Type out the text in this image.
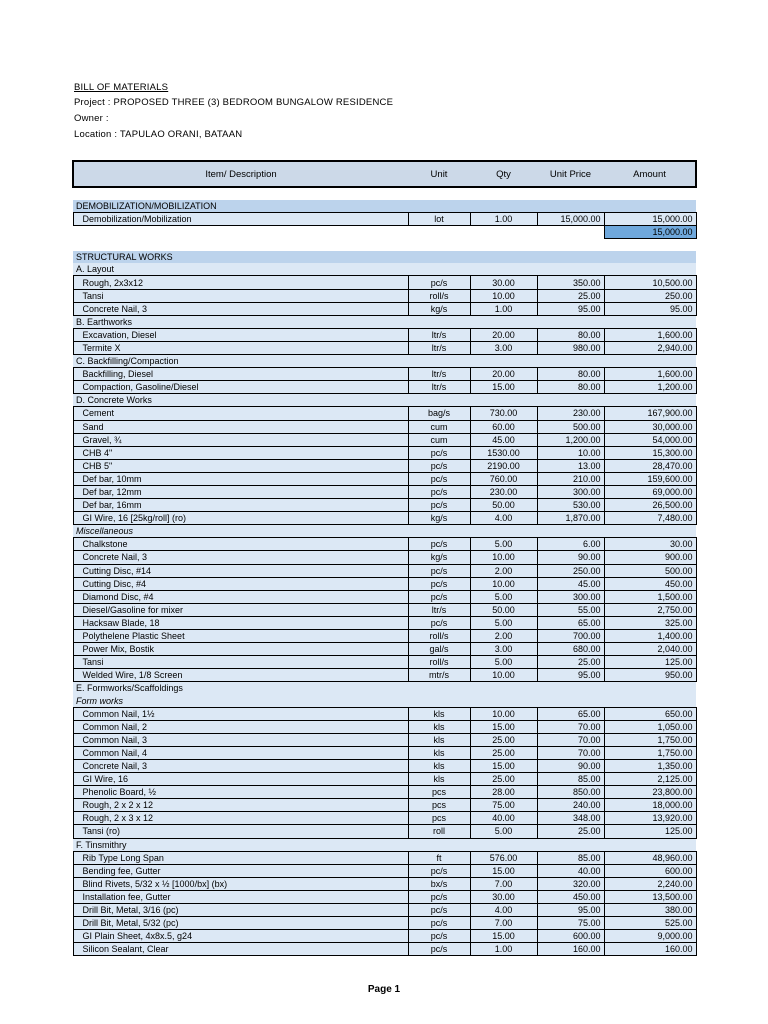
BILL OF MATERIALS
Project : PROPOSED THREE (3) BEDROOM BUNGALOW RESIDENCE
Owner :
Location : TAPULAO ORANI, BATAAN
Item/ Description	Unit	Qty	Unit Price	Amount

DEMOBILIZATION/MOBILIZATION				
Demobilization/Mobilization	lot	1.00	15,000.00	15,000.00
				15,000.00

STRUCTURAL WORKS				
A. Layout				
Rough, 2x3x12	pc/s	30.00	350.00	10,500.00
Tansi	roll/s	10.00	25.00	250.00
Concrete Nail, 3	kg/s	1.00	95.00	95.00
B. Earthworks				
Excavation, Diesel	ltr/s	20.00	80.00	1,600.00
Termite X	ltr/s	3.00	980.00	2,940.00
C. Backfilling/Compaction				
Backfilling, Diesel	ltr/s	20.00	80.00	1,600.00
Compaction, Gasoline/Diesel	ltr/s	15.00	80.00	1,200.00
D. Concrete Works				
Cement	bag/s	730.00	230.00	167,900.00
Sand	cum	60.00	500.00	30,000.00
Gravel, ¾	cum	45.00	1,200.00	54,000.00
CHB 4"	pc/s	1530.00	10.00	15,300.00
CHB 5"	pc/s	2190.00	13.00	28,470.00
Def bar, 10mm	pc/s	760.00	210.00	159,600.00
Def bar, 12mm	pc/s	230.00	300.00	69,000.00
Def bar, 16mm	pc/s	50.00	530.00	26,500.00
GI Wire, 16 [25kg/roll] (ro)	kg/s	4.00	1,870.00	7,480.00
Miscellaneous				
Chalkstone	pc/s	5.00	6.00	30.00
Concrete Nail, 3	kg/s	10.00	90.00	900.00
Cutting Disc, #14	pc/s	2.00	250.00	500.00
Cutting Disc, #4	pc/s	10.00	45.00	450.00
Diamond Disc, #4	pc/s	5.00	300.00	1,500.00
Diesel/Gasoline for mixer	ltr/s	50.00	55.00	2,750.00
Hacksaw Blade, 18	pc/s	5.00	65.00	325.00
Polythelene Plastic Sheet	roll/s	2.00	700.00	1,400.00
Power Mix, Bostik	gal/s	3.00	680.00	2,040.00
Tansi	roll/s	5.00	25.00	125.00
Welded Wire, 1/8 Screen	mtr/s	10.00	95.00	950.00
E. Formworks/Scaffoldings				
Form works				
Common Nail, 1½	kls	10.00	65.00	650.00
Common Nail, 2	kls	15.00	70.00	1,050.00
Common Nail, 3	kls	25.00	70.00	1,750.00
Common Nail, 4	kls	25.00	70.00	1,750.00
Concrete Nail, 3	kls	15.00	90.00	1,350.00
GI Wire, 16	kls	25.00	85.00	2,125.00
Phenolic Board, ½	pcs	28.00	850.00	23,800.00
Rough, 2 x 2 x 12	pcs	75.00	240.00	18,000.00
Rough, 2 x 3 x 12	pcs	40.00	348.00	13,920.00
Tansi (ro)	roll	5.00	25.00	125.00
F. Tinsmithry				
Rib Type Long Span	ft	576.00	85.00	48,960.00
Bending fee, Gutter	pc/s	15.00	40.00	600.00
Blind Rivets, 5/32 x ½ [1000/bx] (bx)	bx/s	7.00	320.00	2,240.00
Installation fee, Gutter	pc/s	30.00	450.00	13,500.00
Drill Bit, Metal, 3/16 (pc)	pc/s	4.00	95.00	380.00
Drill Bit, Metal, 5/32 (pc)	pc/s	7.00	75.00	525.00
GI Plain Sheet, 4x8x.5, g24	pc/s	15.00	600.00	9,000.00
Silicon Sealant, Clear	pc/s	1.00	160.00	160.00
Page 1
